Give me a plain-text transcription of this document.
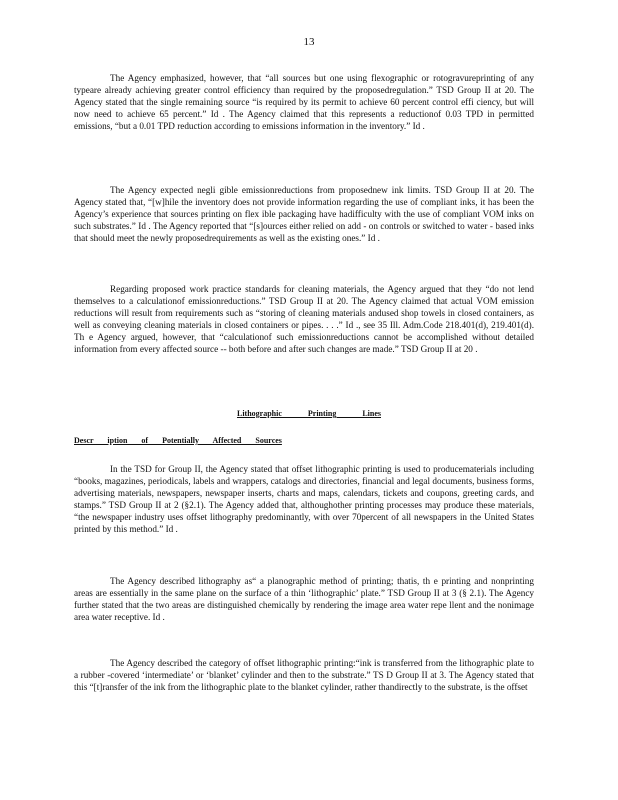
13

The Agency emphasized, however, that “all sources but one using flexographic or rotogravureprinting of any typeare already achieving greater control efficiency than required by the proposedregulation.” TSD Group II at 20. The Agency stated that the single remaining source “is required by its permit to achieve 60 percent control effi ciency, but will now need to achieve 65 percent.” Id . The Agency claimed that this represents a reductionof 0.03 TPD in permitted emissions, “but a 0.01 TPD reduction according to emissions information in the inventory.” Id .

The Agency expected negli gible emissionreductions from proposednew ink limits. TSD Group II at 20. The Agency stated that, “[w]hile the inventory does not provide information regarding the use of compliant inks, it has been the Agency’s experience that sources printing on flex ible packaging have hadifficulty with the use of compliant VOM inks on such substrates.” Id . The Agency reported that “[s]ources either relied on add - on controls or switched to water - based inks that should meet the newly proposedrequirements as well as the existing ones.” Id .

Regarding proposed work practice standards for cleaning materials, the Agency argued that they “do not lend themselves to a calculationof emissionreductions.” TSD Group II at 20. The Agency claimed that actual VOM emission reductions will result from requirements such as “storing of cleaning materials andused shop towels in closed containers, as well as conveying cleaning materials in closed containers or pipes. . . .” Id ., see 35 Ill. Adm.Code 218.401(d), 219.401(d). Th e Agency argued, however, that “calculationof such emissionreductions cannot be accomplished without detailed information from every affected source -- both before and after such changes are made.” TSD Group II at 20 .

Lithographic Printing Lines
Descr iption of Potentially Affected Sources

In the TSD for Group II, the Agency stated that offset lithographic printing is used to producematerials including “books, magazines, periodicals, labels and wrappers, catalogs and directories, financial and legal documents, business forms, advertising materials, newspapers, newspaper inserts, charts and maps, calendars, tickets and coupons, greeting cards, and stamps.” TSD Group II at 2 (§2.1). The Agency added that, althoughother printing processes may produce these materials, “the newspaper industry uses offset lithography predominantly, with over 70percent of all newspapers in the United States printed by this method.” Id .

The Agency described lithography as“ a planographic method of printing; thatis, th e printing and nonprinting areas are essentially in the same plane on the surface of a thin ‘lithographic’ plate.” TSD Group II at 3 (§ 2.1). The Agency further stated that the two areas are distinguished chemically by rendering the image area water repe llent and the nonimage area water receptive. Id .

The Agency described the category of offset lithographic printing:“ink is transferred from the lithographic plate to a rubber -covered ‘intermediate’ or ‘blanket’ cylinder and then to the substrate.” TS D Group II at 3. The Agency stated that this “[t]ransfer of the ink from the lithographic plate to the blanket cylinder, rather thandirectly to the substrate, is the offset
